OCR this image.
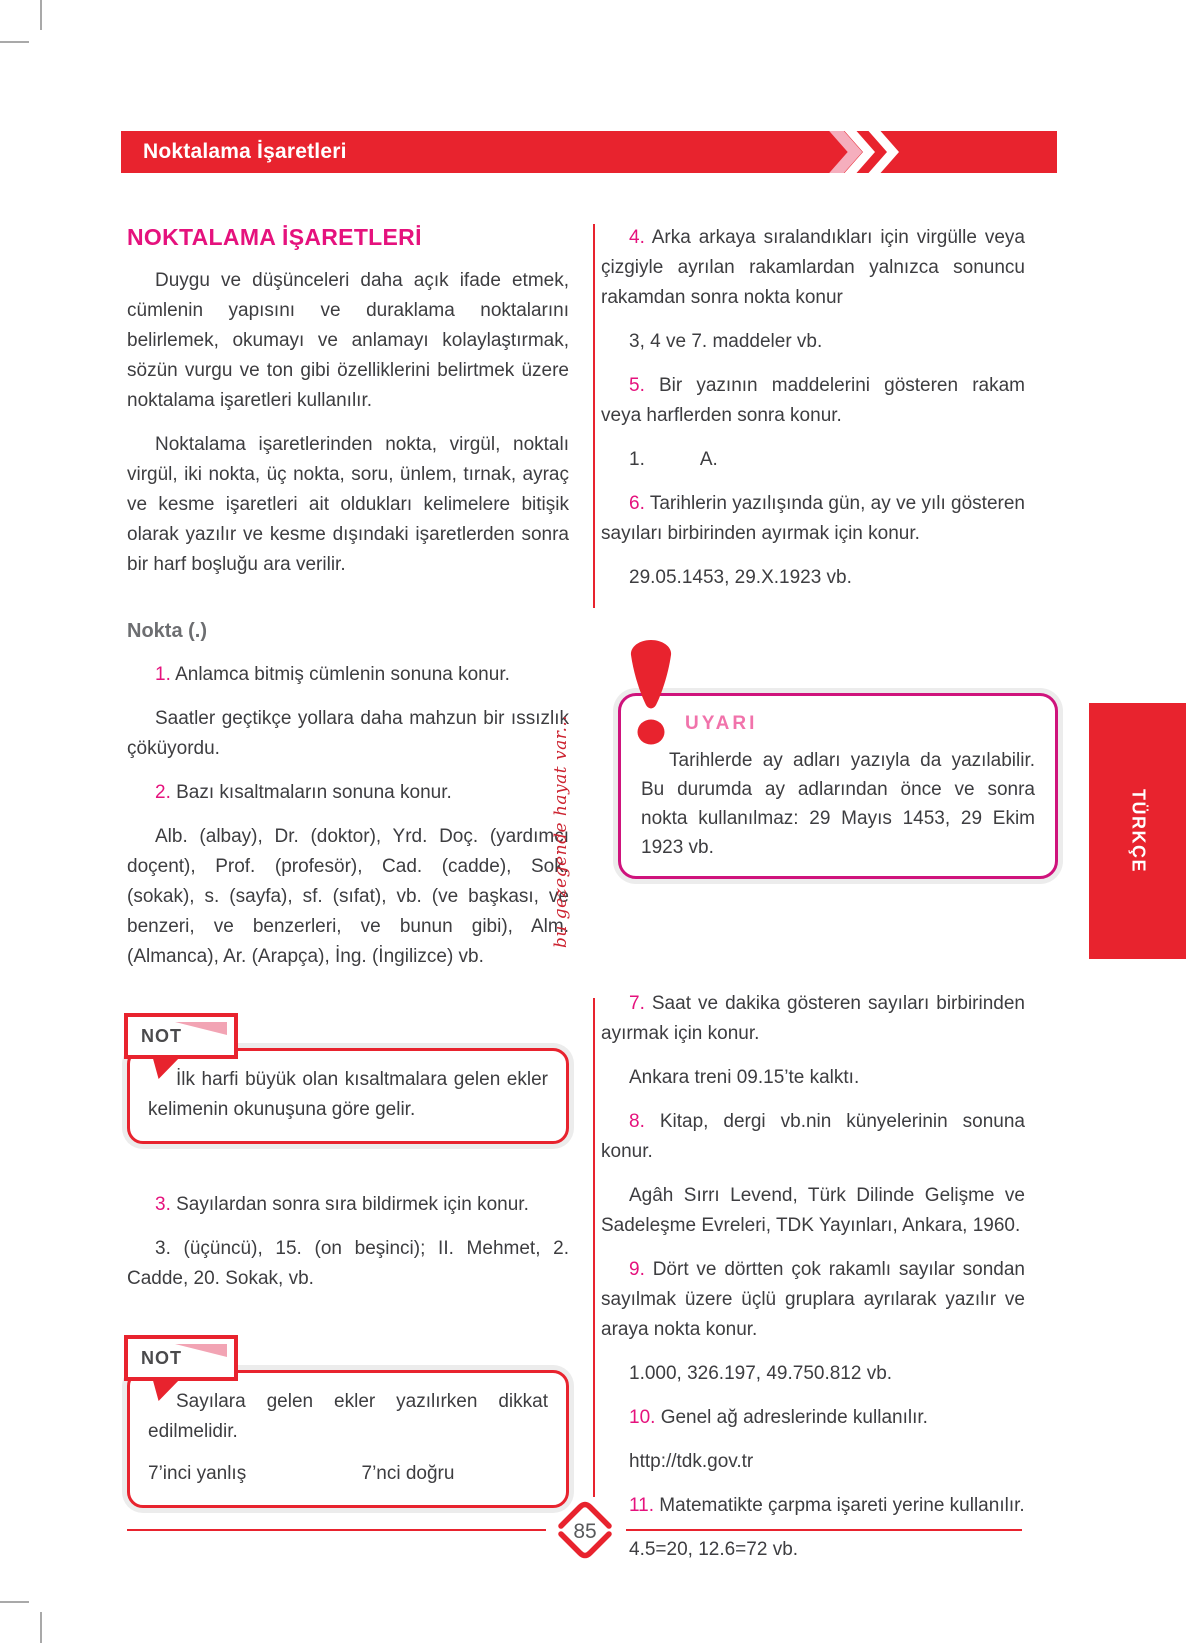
Noktalama İşaretleri
NOKTALAMA İŞARETLERİ

Duygu ve düşünceleri daha açık ifade etmek, cümlenin yapısını ve duraklama noktalarını belirlemek, okumayı ve anlamayı kolaylaştırmak, sözün vurgu ve ton gibi özelliklerini belirtmek üzere noktalama işaretleri kullanılır.

Noktalama işaretlerinden nokta, virgül, noktalı virgül, iki nokta, üç nokta, soru, ünlem, tırnak, ayraç ve kesme işaretleri ait oldukları kelimelere bitişik olarak yazılır ve kesme dışındaki işaretlerden sonra bir harf boşluğu ara verilir.

Nokta (.)

1. Anlamca bitmiş cümlenin sonuna konur.

Saatler geçtikçe yollara daha mahzun bir ıssızlık çöküyordu.

2. Bazı kısaltmaların sonuna konur.

Alb. (albay), Dr. (doktor), Yrd. Doç. (yardımcı doçent), Prof. (profesör), Cad. (cadde), Sok. (sokak), s. (sayfa), sf. (sıfat), vb. (ve başkası, ve benzeri, ve benzerleri, ve bunun gibi), Alm. (Almanca), Ar. (Arapça), İng. (İngilizce) vb.

NOT

İlk harfi büyük olan kısaltmalara gelen ekler kelimenin okunuşuna göre gelir.

3. Sayılardan sonra sıra bildirmek için konur.

3. (üçüncü), 15. (on beşinci); II. Mehmet, 2. Cadde, 20. Sokak, vb.

NOT

Sayılara gelen ekler yazılırken dikkat edilmelidir.

7’inci yanlış	7’nci doğru

4. Arka arkaya sıralandıkları için virgülle veya çizgiyle ayrılan rakamlardan yalnızca sonuncu rakamdan sonra nokta konur

3, 4 ve 7. maddeler vb.

5. Bir yazının maddelerini gösteren rakam veya harflerden sonra konur.

1.	A.

6. Tarihlerin yazılışında gün, ay ve yılı gösteren sayıları birbirinden ayırmak için konur.

29.05.1453, 29.X.1923 vb.

UYARI

Tarihlerde ay adları yazıyla da yazılabilir. Bu durumda ay adlarından önce ve sonra nokta kullanılmaz: 29 Mayıs 1453, 29 Ekim 1923 vb.

7. Saat ve dakika gösteren sayıları birbirinden ayırmak için konur.

Ankara treni 09.15’te kalktı.

8. Kitap, dergi vb.nin künyelerinin sonuna konur.

Agâh Sırrı Levend, Türk Dilinde Gelişme ve Sadeleşme Evreleri, TDK Yayınları, Ankara, 1960.

9. Dört ve dörtten çok rakamlı sayılar sondan sayılmak üzere üçlü gruplara ayrılarak yazılır ve araya nokta konur.

1.000, 326.197, 49.750.812 vb.

10. Genel ağ adreslerinde kullanılır.

http://tdk.gov.tr

11. Matematikte çarpma işareti yerine kullanılır.

4.5=20, 12.6=72 vb.

bu gezegende hayat var...	TÜRKÇE
85
